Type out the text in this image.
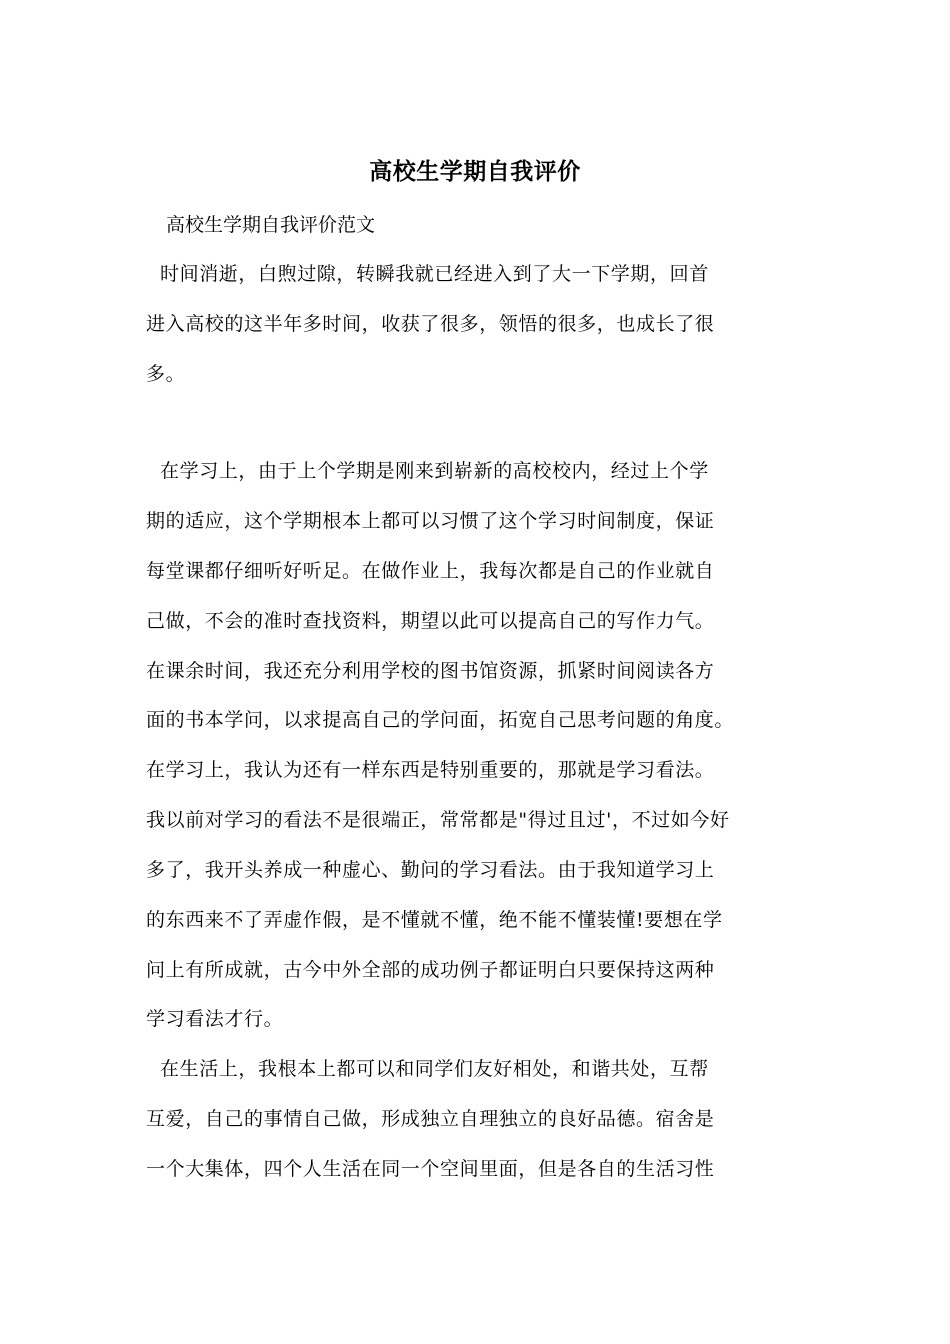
高校生学期自我评价
高校生学期自我评价范文
时间消逝，白煦过隙，转瞬我就已经进入到了大一下学期，回首
进入高校的这半年多时间，收获了很多，领悟的很多，也成长了很
多。
在学习上，由于上个学期是刚来到崭新的高校校内，经过上个学
期的适应，这个学期根本上都可以习惯了这个学习时间制度，保证
每堂课都仔细听好听足。在做作业上，我每次都是自己的作业就自
己做，不会的准时查找资料，期望以此可以提高自己的写作力气。
在课余时间，我还充分利用学校的图书馆资源，抓紧时间阅读各方
面的书本学问，以求提高自己的学问面，拓宽自己思考问题的角度。
在学习上，我认为还有一样东西是特别重要的，那就是学习看法。
我以前对学习的看法不是很端正，常常都是"得过且过'，不过如今好
多了，我开头养成一种虚心、勤问的学习看法。由于我知道学习上
的东西来不了弄虚作假，是不懂就不懂，绝不能不懂装懂!要想在学
问上有所成就，古今中外全部的成功例子都证明白只要保持这两种
学习看法才行。
在生活上，我根本上都可以和同学们友好相处，和谐共处，互帮
互爱，自己的事情自己做，形成独立自理独立的良好品德。宿舍是
一个大集体，四个人生活在同一个空间里面，但是各自的生活习性
